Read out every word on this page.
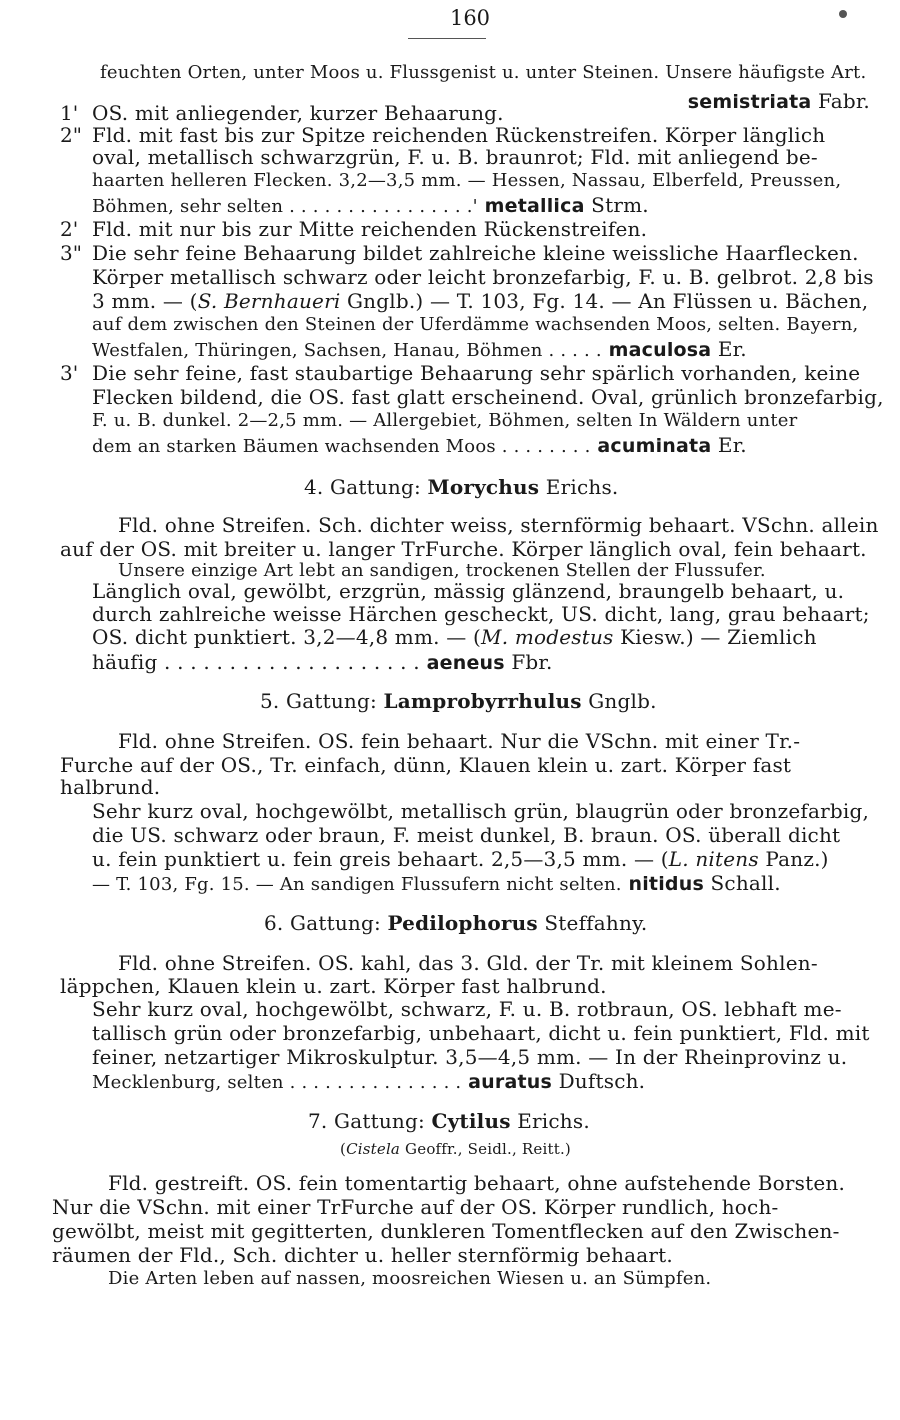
160
feuchten Orten, unter Moos u. Flussgenist u. unter Steinen. Unsere häufigste Art.
semistriata Fabr.
1' OS. mit anliegender, kurzer Behaarung.
2" Fld. mit fast bis zur Spitze reichenden Rückenstreifen. Körper länglich
oval, metallisch schwarzgrün, F. u. B. braunrot; Fld. mit anliegend be-
haarten helleren Flecken. 3,2—3,5 mm. — Hessen, Nassau, Elberfeld, Preussen,
Böhmen, sehr selten . . . . . . . . . . . . . . . .' metallica Strm.
2' Fld. mit nur bis zur Mitte reichenden Rückenstreifen.
3" Die sehr feine Behaarung bildet zahlreiche kleine weissliche Haarflecken.
Körper metallisch schwarz oder leicht bronzefarbig, F. u. B. gelbrot. 2,8 bis
3 mm. — (S. Bernhaueri Gnglb.) — T. 103, Fg. 14. — An Flüssen u. Bächen,
auf dem zwischen den Steinen der Uferdämme wachsenden Moos, selten. Bayern,
Westfalen, Thüringen, Sachsen, Hanau, Böhmen . . . . . maculosa Er.
3' Die sehr feine, fast staubartige Behaarung sehr spärlich vorhanden, keine
Flecken bildend, die OS. fast glatt erscheinend. Oval, grünlich bronzefarbig,
F. u. B. dunkel. 2—2,5 mm. — Allergebiet, Böhmen, selten In Wäldern unter
dem an starken Bäumen wachsenden Moos . . . . . . . . acuminata Er.
4. Gattung: Morychus Erichs.
Fld. ohne Streifen. Sch. dichter weiss, sternförmig behaart. VSchn. allein
auf der OS. mit breiter u. langer TrFurche. Körper länglich oval, fein behaart.
Unsere einzige Art lebt an sandigen, trockenen Stellen der Flussufer.
Länglich oval, gewölbt, erzgrün, mässig glänzend, braungelb behaart, u.
durch zahlreiche weisse Härchen gescheckt, US. dicht, lang, grau behaart;
OS. dicht punktiert. 3,2—4,8 mm. — (M. modestus Kiesw.) — Ziemlich
häufig . . . . . . . . . . . . . . . . . . . . aeneus Fbr.
5. Gattung: Lamprobyrrhulus Gnglb.
Fld. ohne Streifen. OS. fein behaart. Nur die VSchn. mit einer Tr.-
Furche auf der OS., Tr. einfach, dünn, Klauen klein u. zart. Körper fast
halbrund.
Sehr kurz oval, hochgewölbt, metallisch grün, blaugrün oder bronzefarbig,
die US. schwarz oder braun, F. meist dunkel, B. braun. OS. überall dicht
u. fein punktiert u. fein greis behaart. 2,5—3,5 mm. — (L. nitens Panz.)
— T. 103, Fg. 15. — An sandigen Flussufern nicht selten. nitidus Schall.
6. Gattung: Pedilophorus Steffahny.
Fld. ohne Streifen. OS. kahl, das 3. Gld. der Tr. mit kleinem Sohlen-
läppchen, Klauen klein u. zart. Körper fast halbrund.
Sehr kurz oval, hochgewölbt, schwarz, F. u. B. rotbraun, OS. lebhaft me-
tallisch grün oder bronzefarbig, unbehaart, dicht u. fein punktiert, Fld. mit
feiner, netzartiger Mikroskulptur. 3,5—4,5 mm. — In der Rheinprovinz u.
Mecklenburg, selten . . . . . . . . . . . . . . . auratus Duftsch.
7. Gattung: Cytilus Erichs.
(Cistela Geoffr., Seidl., Reitt.)
Fld. gestreift. OS. fein tomentartig behaart, ohne aufstehende Borsten.
Nur die VSchn. mit einer TrFurche auf der OS. Körper rundlich, hoch-
gewölbt, meist mit gegitterten, dunkleren Tomentflecken auf den Zwischen-
räumen der Fld., Sch. dichter u. heller sternförmig behaart.
Die Arten leben auf nassen, moosreichen Wiesen u. an Sümpfen.
